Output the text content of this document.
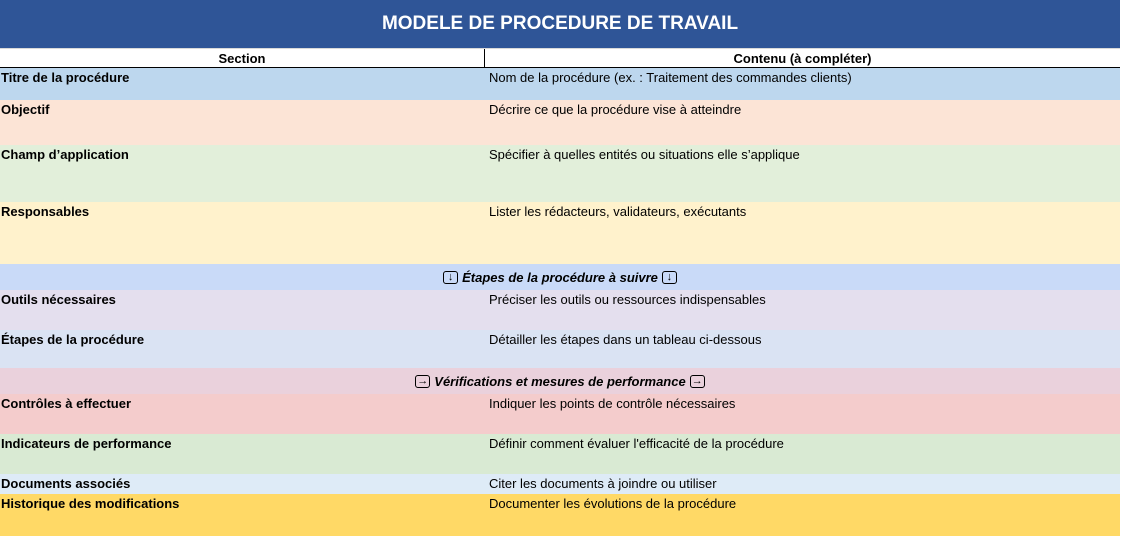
MODELE DE PROCEDURE DE TRAVAIL
Section	Contenu (à compléter)
Titre de la procédure	Nom de la procédure (ex. : Traitement des commandes clients)
Objectif	Décrire ce que la procédure vise à atteindre
Champ d’application	Spécifier à quelles entités ou situations elle s’applique
Responsables	Lister les rédacteurs, validateurs, exécutants
↓ Étapes de la procédure à suivre ↓
Outils nécessaires	Préciser les outils ou ressources indispensables
Étapes de la procédure	Détailler les étapes dans un tableau ci-dessous
→ Vérifications et mesures de performance →
Contrôles à effectuer	Indiquer les points de contrôle nécessaires
Indicateurs de performance	Définir comment évaluer l'efficacité de la procédure
Documents associés	Citer les documents à joindre ou utiliser
Historique des modifications	Documenter les évolutions de la procédure
